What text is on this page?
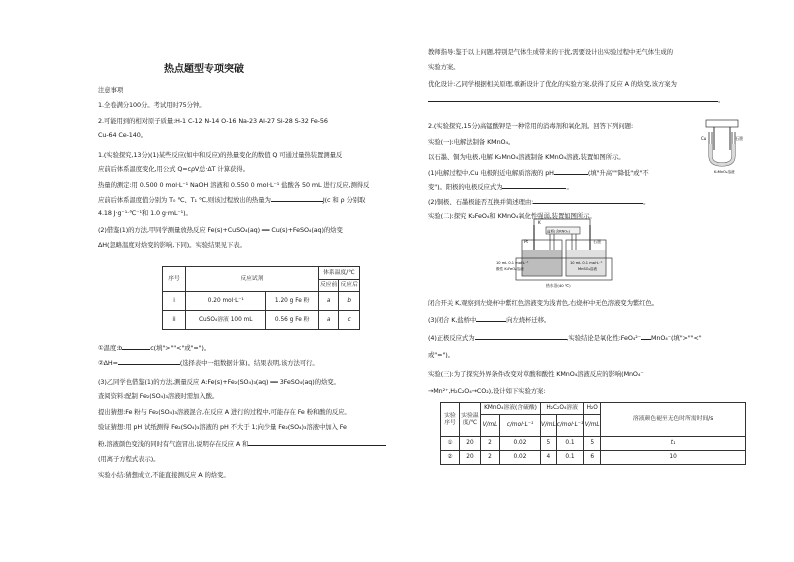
热点题型专项突破
注意事项
1.全卷满分100分。考试用时75分钟。
2.可能用到的相对原子质量:H-1 C-12 N-14 O-16 Na-23 Al-27 Si-28 S-32 Fe-56
Cu-64 Ce-140。
1.(实验探究,13分)(1)某些反应(如中和反应)的热量变化的数值 Q 可通过量热装置测量反
应前后体系温度变化,用公式 Q=cρV总·ΔT 计算获得。
热量的测定:用 0.500 0 mol·L⁻¹ NaOH 溶液和 0.550 0 mol·L⁻¹ 盐酸各 50 mL 进行反应,测得反
应前后体系温度值分别为 T₀ ℃、T₁ ℃,则该过程放出的热量为	J(c 和 ρ 分别取
4.18 J·g⁻¹·℃⁻¹和 1.0 g·mL⁻¹)。
(2)借鉴(1)的方法,甲同学测量放热反应 Fe(s)+CuSO₄(aq) ══ Cu(s)+FeSO₄(aq)的焓变
ΔH(忽略温度对焓变的影响,下同)。实验结果见下表。
序号	反应试剂		体系温度/℃	
			反应前	反应后
i	0.20 mol·L⁻¹	1.20 g Fe 粉	a	b
ii	CuSO₄溶液 100 mL	0.56 g Fe 粉	a	c
①温度:b	c(填">""<"或"=")。
②ΔH=	(选择表中一组数据计算)。结果表明,该方法可行。
(3)乙同学也借鉴(1)的方法,测量反应 A:Fe(s)+Fe₂(SO₄)₃(aq) ══ 3FeSO₄(aq)的焓变。
查阅资料:配制 Fe₂(SO₄)₃溶液时需加入酸。
提出猜想:Fe 粉与 Fe₂(SO₄)₃溶液混合,在反应 A 进行的过程中,可能存在 Fe 粉和酸的反应。
验证猜想:用 pH 试纸测得 Fe₂(SO₄)₃溶液的 pH 不大于 1;向少量 Fe₂(SO₄)₃溶液中加入 Fe
粉,溶液颜色变浅的同时有气泡冒出,说明存在反应 A 和
(用离子方程式表示)。
实验小结:猜想成立,不能直接测反应 A 的焓变。
教师指导:鉴于以上问题,特别是气体生成带来的干扰,需要设计出实验过程中无气体生成的
实验方案。
优化设计:乙同学根据相关原理,重新设计了优化的实验方案,获得了反应 A 的焓变,该方案为
。
2.(实验探究,15分)高锰酸钾是一种常用的消毒剂和氧化剂。回答下列问题:
实验(一):电解法制备 KMnO₄。
以石墨、铜为电极,电解 K₂MnO₄溶液制备 KMnO₄溶液,装置如图所示。
(1)电解过程中,Cu 电极附近电解质溶液的 pH	(填"升高""降低"或"不
变")。阳极的电极反应式为	。
(2)铜极、石墨极能否互换并简述理由:	。
实验(二):探究 K₂FeO₄和 KMnO₄氧化性强弱,装置如图所示。
Cu	石墨
K₂MnO₄溶液
K
盐桥(含KNO₃)
Pt	石墨
10 mL 0.1 mol·L⁻¹
酸性 K₂FeO₄溶液
10 mL 0.1 mol·L⁻¹
MnSO₄溶液
热水浴(40 ℃)
闭合开关 K,观察到左烧杯中紫红色溶液变为浅青色,右烧杯中无色溶液变为紫红色。
(3)闭合 K,盐桥中	向左烧杯迁移。
(4)正极反应式为	,实验结论是氧化性:FeO₄²⁻ MnO₄⁻(填">""<"
或"=")。
实验(三):为了探究外界条件改变对草酸和酸性 KMnO₄溶液反应的影响(MnO₄⁻
→Mn²⁺,H₂C₂O₄→CO₂),设计如下实验方案:
实验
序号	实验温度/℃	KMnO₄溶液(含硫酸)		H₂C₂O₄溶液		H₂O	溶液颜色褪至无色时所需时间/s
		V/mL	c/mol·L⁻¹	V/mL	c/mol·L⁻¹	V/mL	
①	20	2	0.02	5	0.1	5	t₁
②	20	2	0.02	4	0.1	6	10
